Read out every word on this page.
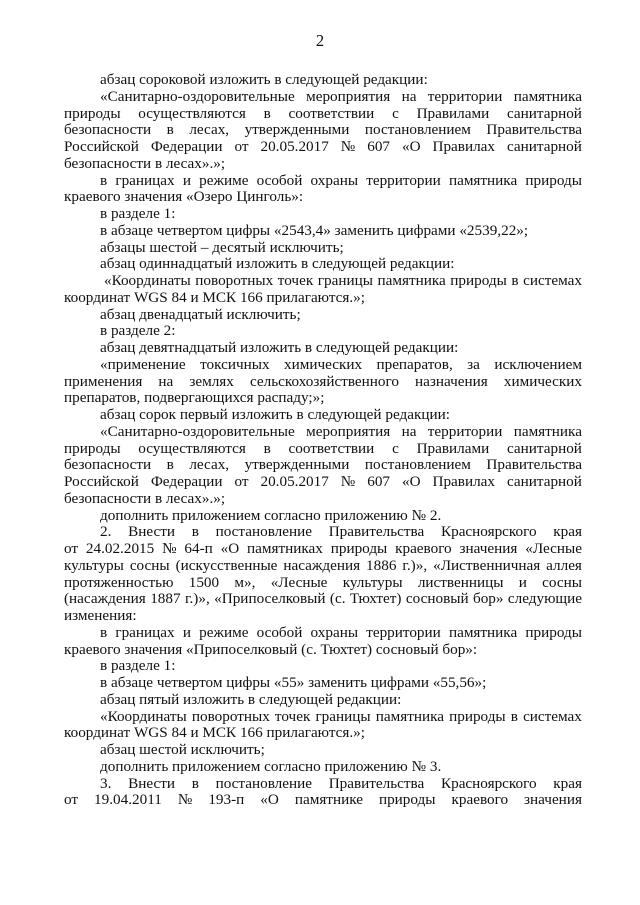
2
абзац сороковой изложить в следующей редакции:
«Санитарно-оздоровительные мероприятия на территории памятника
природы осуществляются в соответствии с Правилами санитарной
безопасности в лесах, утвержденными постановлением Правительства
Российской Федерации от 20.05.2017 № 607 «О Правилах санитарной
безопасности в лесах».»;
в границах и режиме особой охраны территории памятника природы
краевого значения «Озеро Цинголь»:
в разделе 1:
в абзаце четвертом цифры «2543,4» заменить цифрами «2539,22»;
абзацы шестой – десятый исключить;
абзац одиннадцатый изложить в следующей редакции:
«Координаты поворотных точек границы памятника природы в системах
координат WGS 84 и МСК 166 прилагаются.»;
абзац двенадцатый исключить;
в разделе 2:
абзац девятнадцатый изложить в следующей редакции:
«применение токсичных химических препаратов, за исключением
применения на землях сельскохозяйственного назначения химических
препаратов, подвергающихся распаду;»;
абзац сорок первый изложить в следующей редакции:
«Санитарно-оздоровительные мероприятия на территории памятника
природы осуществляются в соответствии с Правилами санитарной
безопасности в лесах, утвержденными постановлением Правительства
Российской Федерации от 20.05.2017 № 607 «О Правилах санитарной
безопасности в лесах».»;
дополнить приложением согласно приложению № 2.
2. Внести в постановление Правительства Красноярского края
от 24.02.2015 № 64-п «О памятниках природы краевого значения «Лесные
культуры сосны (искусственные насаждения 1886 г.)», «Лиственничная аллея
протяженностью 1500 м», «Лесные культуры лиственницы и сосны
(насаждения 1887 г.)», «Припоселковый (с. Тюхтет) сосновый бор» следующие
изменения:
в границах и режиме особой охраны территории памятника природы
краевого значения «Припоселковый (с. Тюхтет) сосновый бор»:
в разделе 1:
в абзаце четвертом цифры «55» заменить цифрами «55,56»;
абзац пятый изложить в следующей редакции:
«Координаты поворотных точек границы памятника природы в системах
координат WGS 84 и МСК 166 прилагаются.»;
абзац шестой исключить;
дополнить приложением согласно приложению № 3.
3. Внести в постановление Правительства Красноярского края
от 19.04.2011 № 193-п «О памятнике природы краевого значения
